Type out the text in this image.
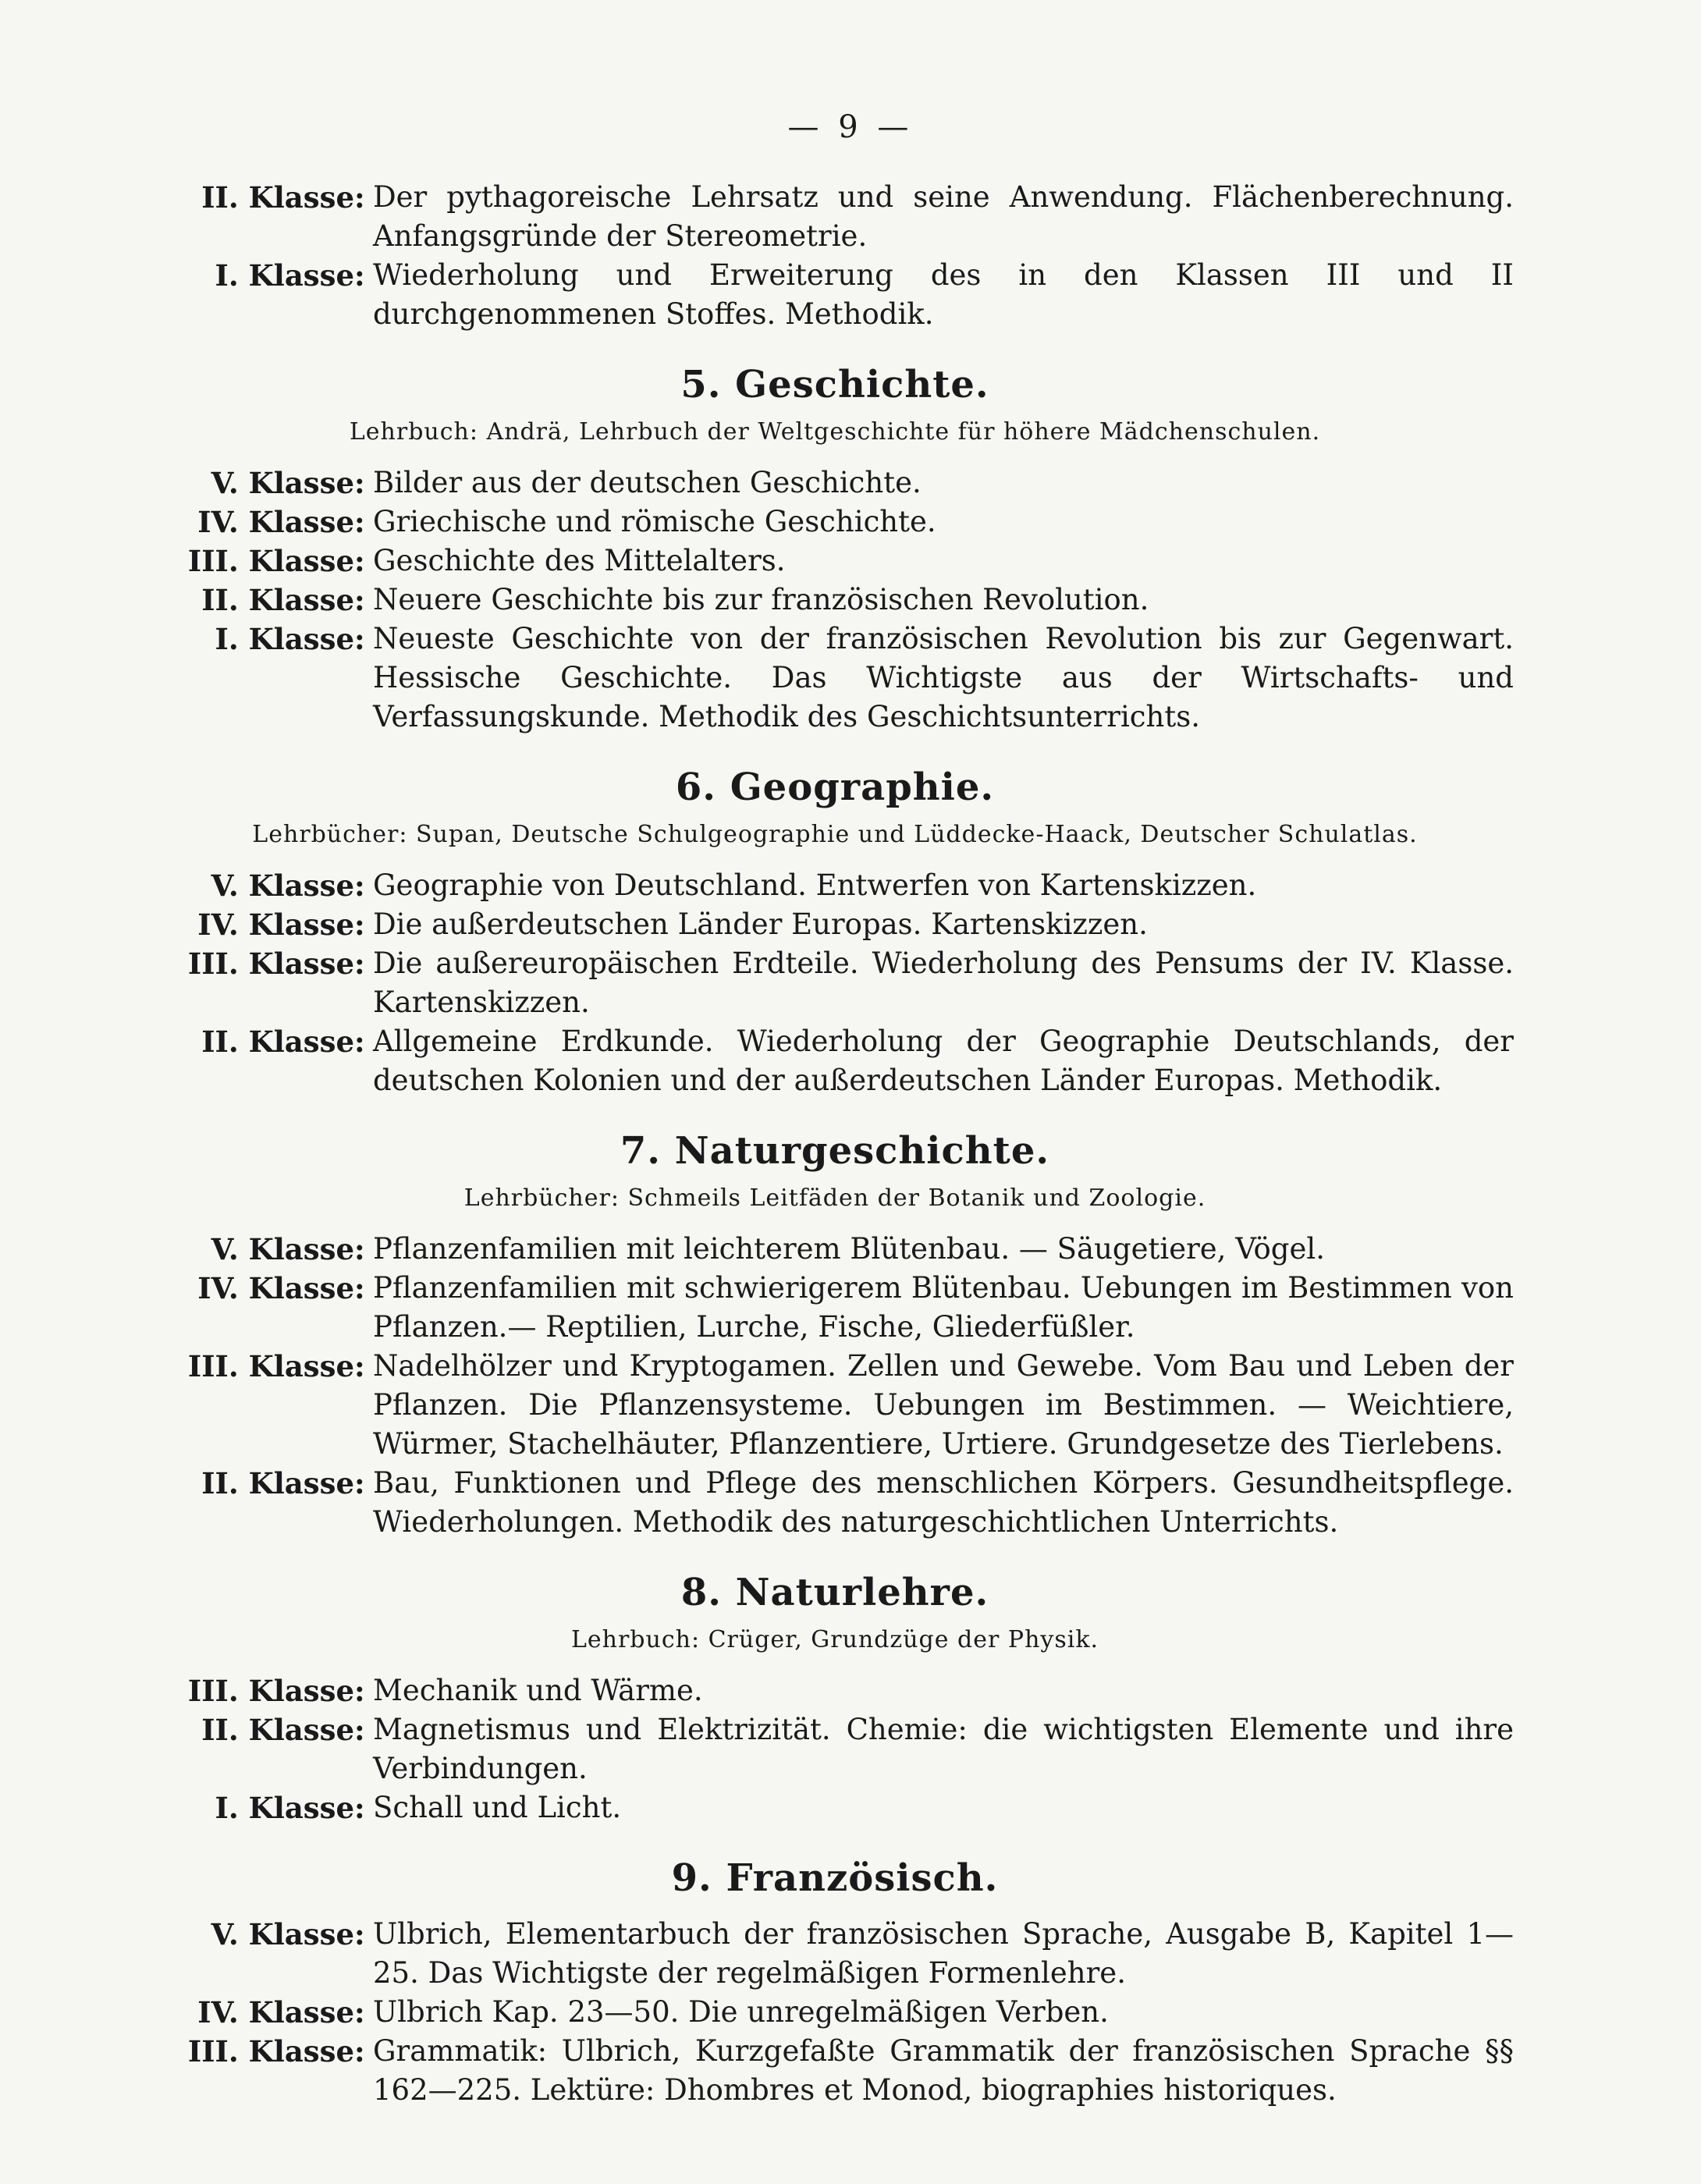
— 9 —
II. Klasse : Der pythagoreische Lehrsatz und seine Anwendung. Flächenberechnung. Anfangsgründe der Stereometrie.
I. Klasse : Wiederholung und Erweiterung des in den Klassen III und II durchgenommenen Stoffes. Methodik.
5. Geschichte.
Lehrbuch: Andrä, Lehrbuch der Weltgeschichte für höhere Mädchenschulen.
V. Klasse : Bilder aus der deutschen Geschichte.
IV. Klasse : Griechische und römische Geschichte.
III. Klasse : Geschichte des Mittelalters.
II. Klasse : Neuere Geschichte bis zur französischen Revolution.
I. Klasse : Neueste Geschichte von der französischen Revolution bis zur Gegenwart. Hessische Geschichte. Das Wichtigste aus der Wirtschafts- und Verfassungskunde. Methodik des Geschichtsunterrichts.
6. Geographie.
Lehrbücher: Supan, Deutsche Schulgeographie und Lüddecke-Haack, Deutscher Schulatlas.
V. Klasse : Geographie von Deutschland. Entwerfen von Kartenskizzen.
IV. Klasse : Die außerdeutschen Länder Europas. Kartenskizzen.
III. Klasse : Die außereuropäischen Erdteile. Wiederholung des Pensums der IV. Klasse. Kartenskizzen.
II. Klasse : Allgemeine Erdkunde. Wiederholung der Geographie Deutschlands, der deutschen Kolonien und der außerdeutschen Länder Europas. Methodik.
7. Naturgeschichte.
Lehrbücher: Schmeils Leitfäden der Botanik und Zoologie.
V. Klasse : Pflanzenfamilien mit leichterem Blütenbau. — Säugetiere, Vögel.
IV. Klasse : Pflanzenfamilien mit schwierigerem Blütenbau. Uebungen im Bestimmen von Pflanzen.— Reptilien, Lurche, Fische, Gliederfüßler.
III. Klasse : Nadelhölzer und Kryptogamen. Zellen und Gewebe. Vom Bau und Leben der Pflanzen. Die Pflanzensysteme. Uebungen im Bestimmen. — Weichtiere, Würmer, Stachelhäuter, Pflanzentiere, Urtiere. Grundgesetze des Tierlebens.
II. Klasse : Bau, Funktionen und Pflege des menschlichen Körpers. Gesundheitspflege. Wiederholungen. Methodik des naturgeschichtlichen Unterrichts.
8. Naturlehre.
Lehrbuch: Crüger, Grundzüge der Physik.
III. Klasse : Mechanik und Wärme.
II. Klasse : Magnetismus und Elektrizität. Chemie: die wichtigsten Elemente und ihre Verbindungen.
I. Klasse : Schall und Licht.
9. Französisch.
V. Klasse : Ulbrich, Elementarbuch der französischen Sprache, Ausgabe B, Kapitel 1—25. Das Wichtigste der regelmäßigen Formenlehre.
IV. Klasse : Ulbrich Kap. 23—50. Die unregelmäßigen Verben.
III. Klasse : Grammatik: Ulbrich, Kurzgefaßte Grammatik der französischen Sprache §§ 162—225. Lektüre: Dhombres et Monod, biographies historiques.
